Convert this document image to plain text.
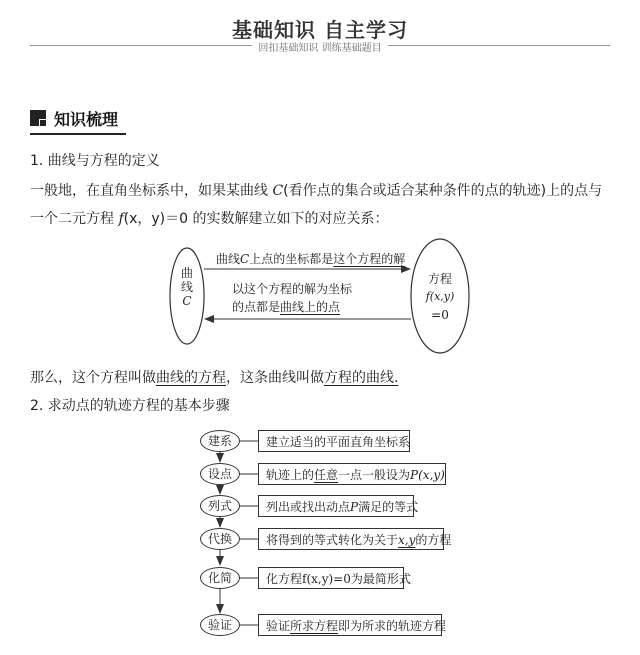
基础知识 自主学习
回扣基础知识 训练基础题目
知识梳理
1. 曲线与方程的定义
一般地，在直角坐标系中，如果某曲线 C(看作点的集合或适合某种条件的点的轨迹)上的点与
一个二元方程 f(x，y)＝0 的实数解建立如下的对应关系：
曲
线
C
方程
f(x,y)
=0
曲线C上点的坐标都是这个方程的解
以这个方程的解为坐标
的点都是曲线上的点
那么，这个方程叫做曲线的方程，这条曲线叫做方程的曲线.
2. 求动点的轨迹方程的基本步骤
建系	建立适当的平面直角坐标系
设点	轨迹上的任意一点一般设为P(x,y)
列式	列出或找出动点P满足的等式
代换	将得到的等式转化为关于x,y的方程
化简	化方程f(x,y)=0为最简形式
验证	验证所求方程即为所求的轨迹方程
